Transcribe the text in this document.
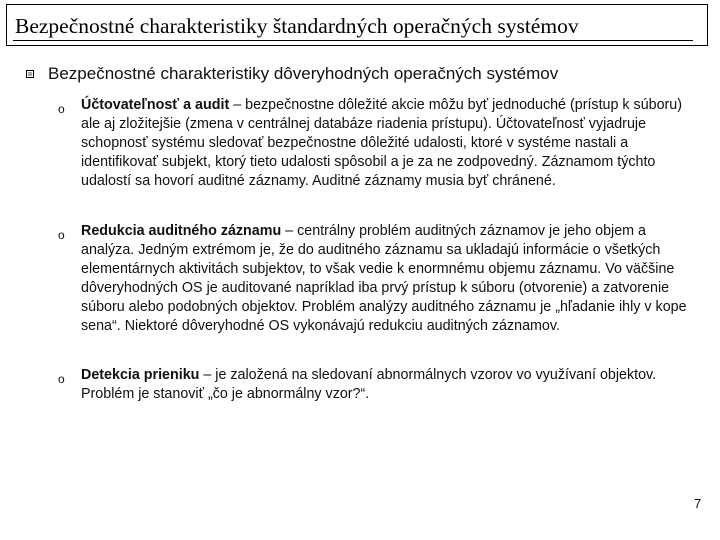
Bezpečnostné charakteristiky štandardných operačných systémov
Bezpečnostné charakteristiky dôveryhodných operačných systémov
o Účtovateľnosť a audit – bezpečnostne dôležité akcie môžu byť jednoduché (prístup k súboru) ale aj zložitejšie (zmena v centrálnej databáze riadenia prístupu). Účtovateľnosť vyjadruje schopnosť systému sledovať bezpečnostne dôležité udalosti, ktoré v systéme nastali a identifikovať subjekt, ktorý tieto udalosti spôsobil a je za ne zodpovedný. Záznamom týchto udalostí sa hovorí auditné záznamy. Auditné záznamy musia byť chránené.
o Redukcia auditného záznamu – centrálny problém auditných záznamov je jeho objem a analýza. Jedným extrémom je, že do auditného záznamu sa ukladajú informácie o všetkých elementárnych aktivitách subjektov, to však vedie k enormnému objemu záznamu. Vo väčšine dôveryhodných OS je auditované napríklad iba prvý prístup k súboru (otvorenie) a zatvorenie súboru alebo podobných objektov. Problém analýzy auditného záznamu je „hľadanie ihly v kope sena“. Niektoré dôveryhodné OS vykonávajú redukciu auditných záznamov.
o Detekcia prieniku – je založená na sledovaní abnormálnych vzorov vo využívaní objektov. Problém je stanoviť „čo je abnormálny vzor?“.
7
